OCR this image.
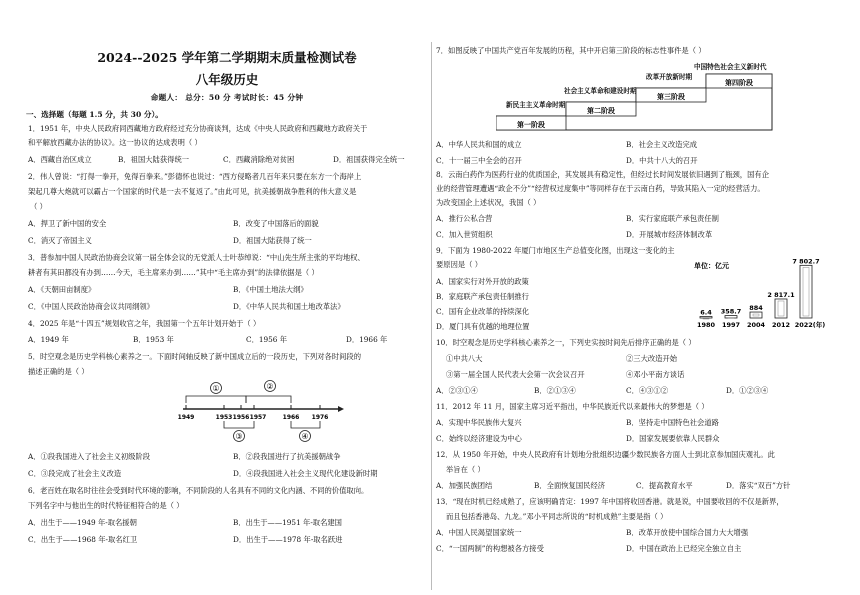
2024--2025 学年第二学期期末质量检测试卷
八年级历史
命题人： 总分：50 分 考试时长：45 分钟
一、选择题（每题 1.5 分，共 30 分）。
1．1951 年，中央人民政府同西藏地方政府经过充分协商谈判，达成《中央人民政府和西藏地方政府关于
和平解放西藏办法的协议》。这一协议的达成表明（ ）
A．西藏自治区成立	B．祖国大陆获得统一	C．西藏消除绝对贫困	D．祖国获得完全统一
2．伟人曾说：“打得一拳开，免得百拳来。”彭德怀也说过：“西方侵略者几百年来只要在东方一个海岸上
架起几尊大炮就可以霸占一个国家的时代是一去不复返了。”由此可见，抗美援朝战争胜利的伟大意义是
（ ）
A．捍卫了新中国的安全	B．改变了中国落后的面貌
C．消灭了帝国主义	D．祖国大陆获得了统一
3．普参加中国人民政治协商会议第一届全体会议的无党派人士叶恭绰说：“中山先生所主张的平均地权、
耕者有其田都没有办到……今天，毛主席来办到……”其中“毛主席办到”的法律依据是（ ）
A．《天朝田亩制度》	B．《中国土地法大纲》
C．《中国人民政治协商会议共同纲领》	D．《中华人民共和国土地改革法》
4．2025 年是“十四五”规划收官之年，我国第一个五年计划开始于（ ）
A．1949 年	B．1953 年	C．1956 年	D．1966 年
5．时空观念是历史学科核心素养之一。下面时间轴反映了新中国成立后的一段历史，下列对各时间段的
描述正确的是（ ）
①	②
1949	1953 1956 1957	1966 1976
③	④
A．①段我国进入了社会主义初级阶段	B．②段我国进行了抗美援朝战争
C．③段完成了社会主义改造	D．④段我国进入社会主义现代化建设新时期
6．老百姓在取名时往往会受到时代环境的影响，不同阶段的人名具有不同的文化内涵、不同的价值取向。
下列名字中与他出生的时代特征相符合的是（ ）
A．出生于——1949 年-取名援朝	B．出生于——1951 年-取名建国
C．出生于——1968 年-取名红卫	D．出生于——1978 年-取名跃进
7．如图反映了中国共产党百年发展的历程，其中开启第三阶段的标志性事件是（ ）
第一阶段
第二阶段
第三阶段
第四阶段
新民主主义革命时期
社会主义革命和建设时期
改革开放新时期
中国特色社会主义新时代
A．中华人民共和国的成立	B．社会主义改造完成
C．十一届三中全会的召开	D．中共十八大的召开
8．云南白药作为医药行业的优质国企，其发展具有稳定性，但经过长时间发展依旧遇到了瓶颈，国有企
业的经营管理遭遇“政企不分”“经营权过度集中”等同样存在于云南白药，导致其陷入一定的经营活力。
为改变国企上述状况，我国（ ）
A．推行公私合营	B．实行家庭联产承包责任制
C．加入世贸组织	D．开展城市经济体制改革
9．下面为 1980-2022 年厦门市地区生产总值变化图，出现这一变化的主
要原因是（ ）
A．国家实行对外开放的政策
B．家庭联产承包责任制推行
C．国有企业改革的持续深化
D．厦门具有优越的地理位置
单位：亿元
6.4
1980
358.7
1997
884
2004
2 817.1
2012
7 802.7
2022(年)
10．时空观念是历史学科核心素养之一，下列史实按时间先后排序正确的是（ ）
①中共八大	②三大改造开始
③第一届全国人民代表大会第一次会议召开	④邓小平南方谈话
A．②③①④	B．②①③④	C．④③①②	D．①②③④
11．2012 年 11 月，国家主席习近平指出，中华民族近代以来最伟大的梦想是（ ）
A．实现中华民族伟大复兴	B．坚持走中国特色社会道路
C．始终以经济建设为中心	D．国家发展要依靠人民群众
12．从 1950 年开始，中央人民政府有计划地分批组织边疆少数民族各方面人士到北京参加国庆观礼。此
举旨在（ ）
A．加强民族团结	B．全面恢复国民经济	C．提高教育水平	D．落实“双百”方针
13．“现在时机已经成熟了，应该明确肯定：1997 年中国将收回香港。就是说，中国要收回的不仅是新界，
而且包括香港岛、九龙。”邓小平同志所说的“时机成熟”主要是指（ ）
A．中国人民渴望国家统一	B．改革开放使中国综合国力大大增强
C．“一国两制”的构想被各方接受	D．中国在政治上已经完全独立自主
